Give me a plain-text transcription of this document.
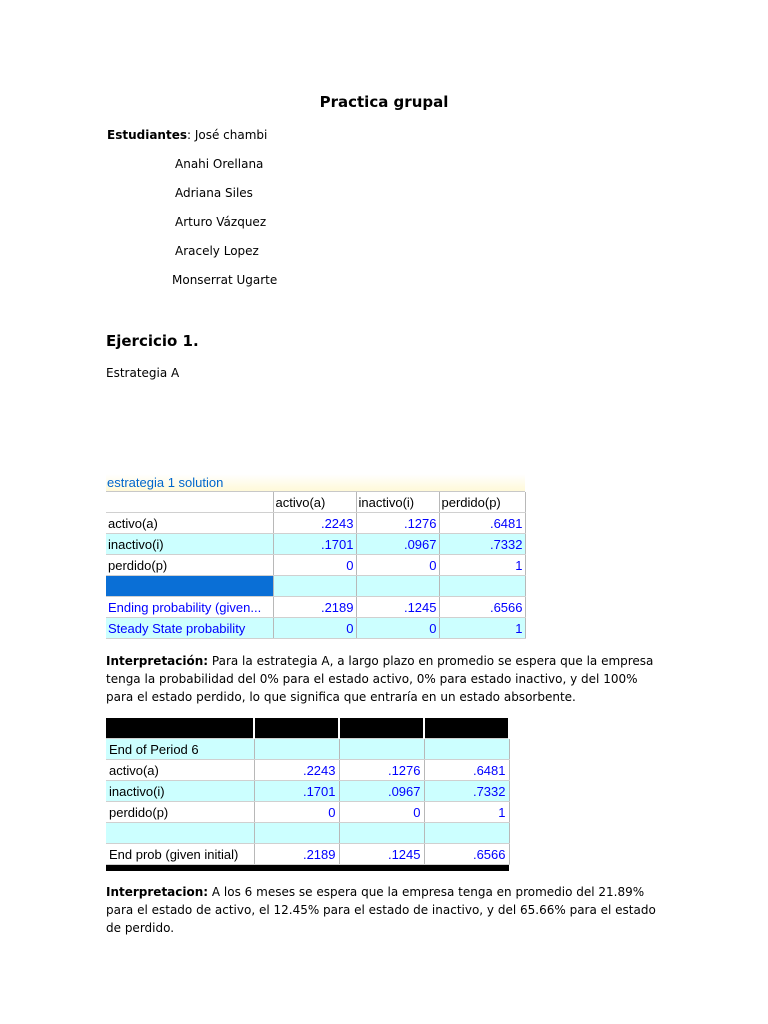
Practica grupal
Estudiantes: José chambi
Anahi Orellana
Adriana Siles
Arturo Vázquez
Aracely Lopez
Monserrat Ugarte
Ejercicio 1.
Estrategia A
estrategia 1 solution
	activo(a)	inactivo(i)	perdido(p)
activo(a)	.2243	.1276	.6481
inactivo(i)	.1701	.0967	.7332
perdido(p)	0	0	1

Ending probability (given...	.2189	.1245	.6566
Steady State probability	0	0	1
Interpretación: Para la estrategia A, a largo plazo en promedio se espera que la empresa tenga la probabilidad del 0% para el estado activo, 0% para estado inactivo, y del 100% para el estado perdido, lo que significa que entraría en un estado absorbente.

End of Period 6			
activo(a)	.2243	.1276	.6481
inactivo(i)	.1701	.0967	.7332
perdido(p)	0	0	1

End prob (given initial)	.2189	.1245	.6566
Interpretacion: A los 6 meses se espera que la empresa tenga en promedio del 21.89% para el estado de activo, el 12.45% para el estado de inactivo, y del 65.66% para el estado de perdido.
